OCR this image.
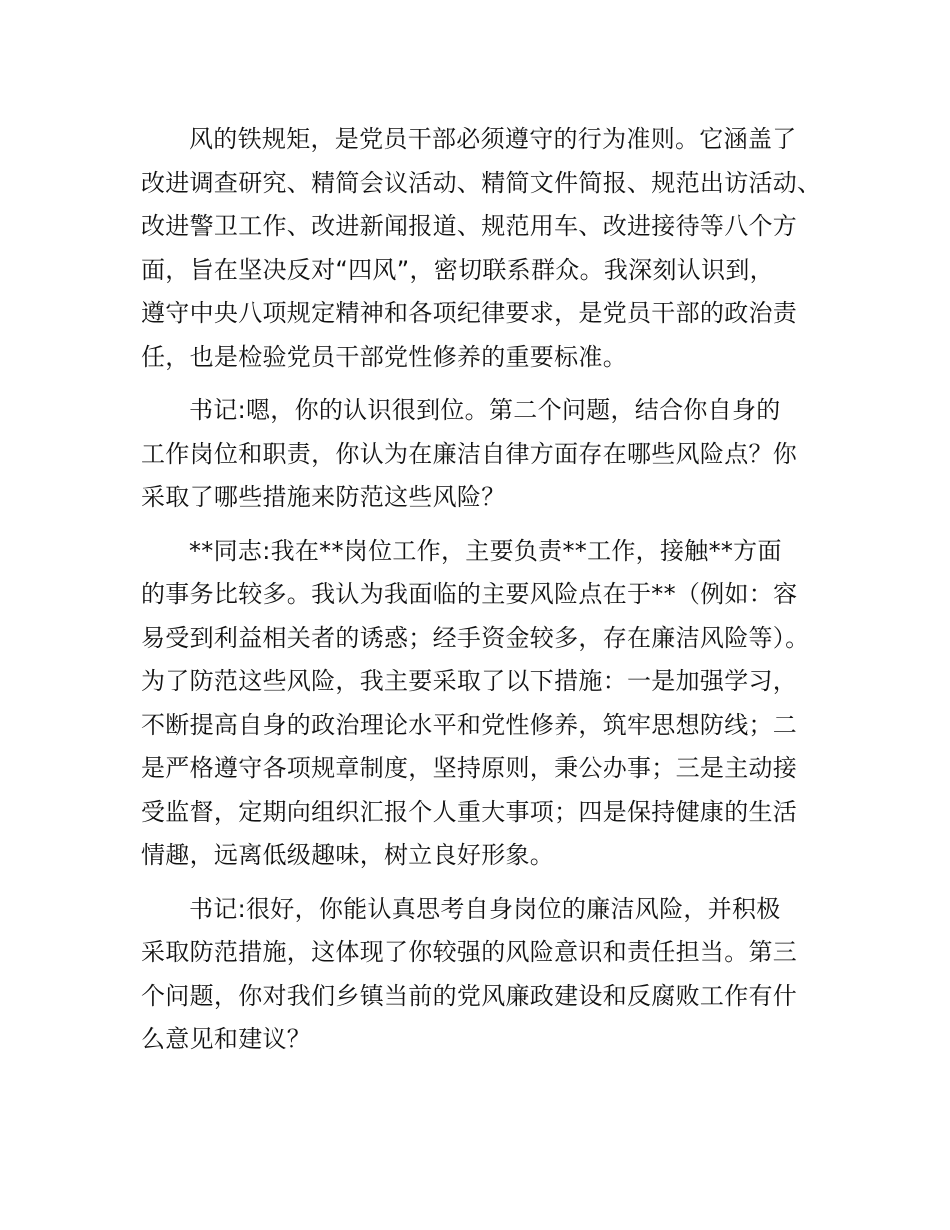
风的铁规矩，是党员干部必须遵守的行为准则。它涵盖了
改进调查研究、精简会议活动、精简文件简报、规范出访活动、
改进警卫工作、改进新闻报道、规范用车、改进接待等八个方
面，旨在坚决反对“四风”，密切联系群众。我深刻认识到，
遵守中央八项规定精神和各项纪律要求，是党员干部的政治责
任，也是检验党员干部党性修养的重要标准。

书记:嗯，你的认识很到位。第二个问题，结合你自身的
工作岗位和职责，你认为在廉洁自律方面存在哪些风险点？你
采取了哪些措施来防范这些风险？

**同志:我在**岗位工作，主要负责**工作，接触**方面
的事务比较多。我认为我面临的主要风险点在于**（例如：容
易受到利益相关者的诱惑；经手资金较多，存在廉洁风险等）。
为了防范这些风险，我主要采取了以下措施：一是加强学习，
不断提高自身的政治理论水平和党性修养，筑牢思想防线；二
是严格遵守各项规章制度，坚持原则，秉公办事；三是主动接
受监督，定期向组织汇报个人重大事项；四是保持健康的生活
情趣，远离低级趣味，树立良好形象。

书记:很好，你能认真思考自身岗位的廉洁风险，并积极
采取防范措施，这体现了你较强的风险意识和责任担当。第三
个问题，你对我们乡镇当前的党风廉政建设和反腐败工作有什
么意见和建议？
